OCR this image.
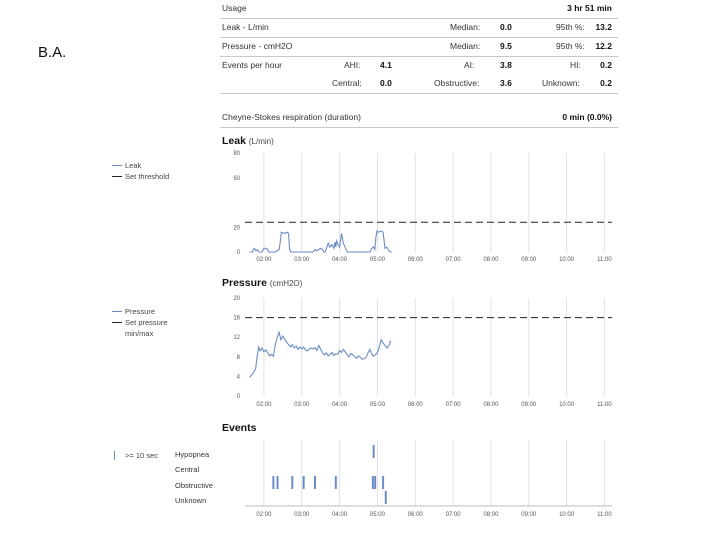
B.A.
Usage	3 hr 51 min
Leak - L/min	Median: 0.0	95th %: 13.2
Pressure - cmH2O	Median: 9.5	95th %: 12.2
Events per hour	AHI: 4.1	AI:	3.8	HI: 0.2
Central: 0.0	Obstructive: 3.6	Unknown: 0.2
Cheyne-Stokes respiration (duration)	0 min (0.0%)
Leak (L/min)
Leak
Set threshold
02:00	03:00	04:00	05:00	06:00	07:00	08:00	09:00	10:00	11:00
0
20
60
80
02:00	03:00	04:00	05:00	06:00	07:00	08:00	09:00	10:00	11:00
0
4
8
12
16
20
02:00	03:00	04:00	05:00	06:00	07:00	08:00	09:00	10:00	11:00
Pressure (cmH2O)
Pressure
Set pressure min/max
Events
>= 10 sec Hypopnea
Central
Obstructive
Unknown
